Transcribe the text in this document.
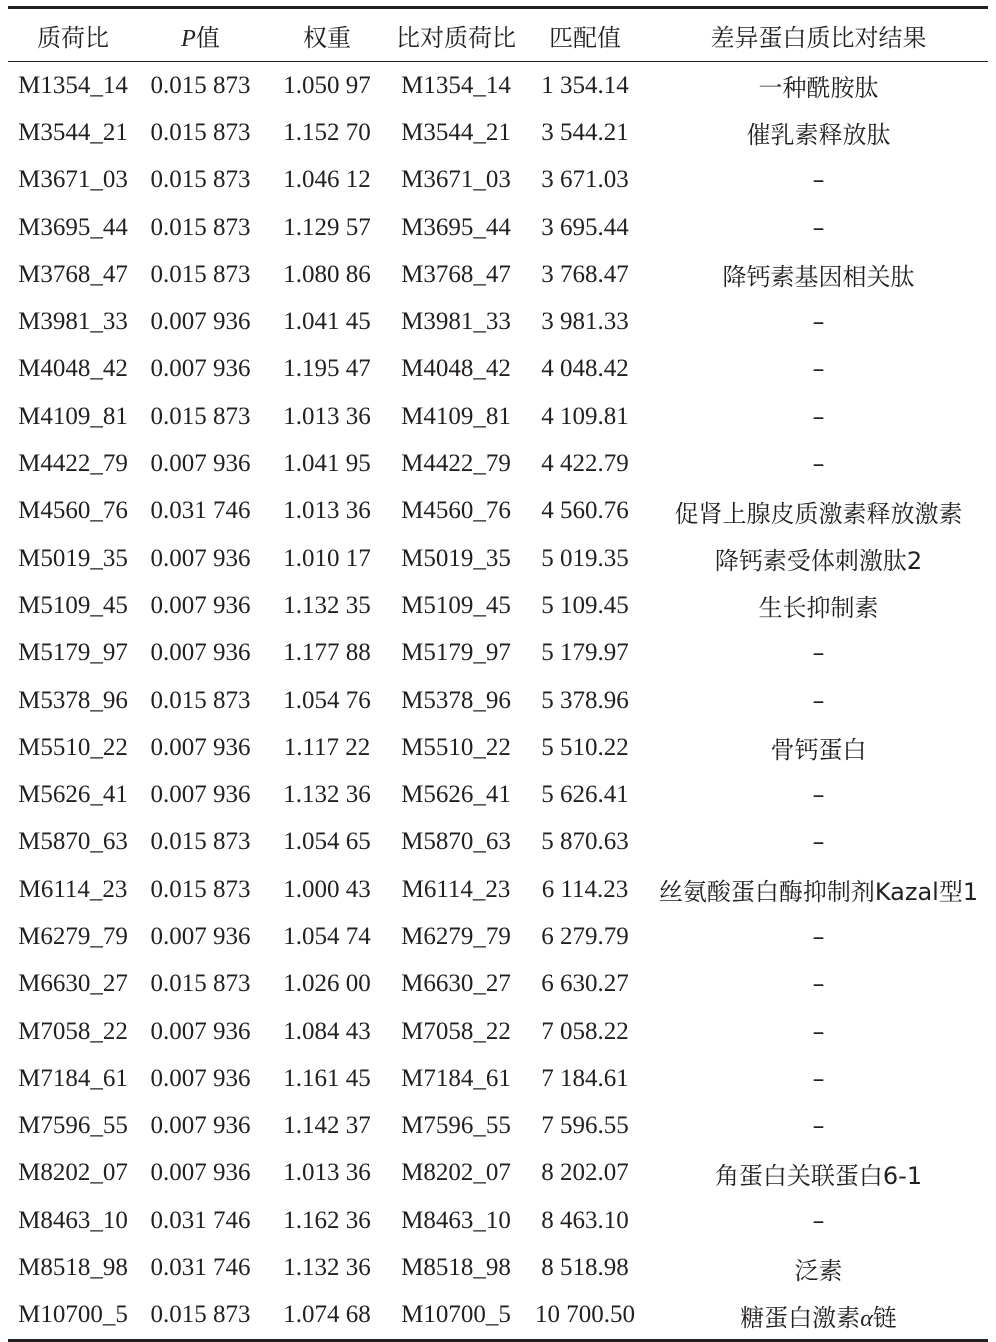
质荷比	P值	权重	比对质荷比	匹配值	差异蛋白质比对结果

M1354_14	0.015 873	1.050 97	M1354_14	1 354.14	一种酰胺肽
M3544_21	0.015 873	1.152 70	M3544_21	3 544.21	催乳素释放肽
M3671_03	0.015 873	1.046 12	M3671_03	3 671.03	–
M3695_44	0.015 873	1.129 57	M3695_44	3 695.44	–
M3768_47	0.015 873	1.080 86	M3768_47	3 768.47	降钙素基因相关肽
M3981_33	0.007 936	1.041 45	M3981_33	3 981.33	–
M4048_42	0.007 936	1.195 47	M4048_42	4 048.42	–
M4109_81	0.015 873	1.013 36	M4109_81	4 109.81	–
M4422_79	0.007 936	1.041 95	M4422_79	4 422.79	–
M4560_76	0.031 746	1.013 36	M4560_76	4 560.76	促肾上腺皮质激素释放激素
M5019_35	0.007 936	1.010 17	M5019_35	5 019.35	降钙素受体刺激肽2
M5109_45	0.007 936	1.132 35	M5109_45	5 109.45	生长抑制素
M5179_97	0.007 936	1.177 88	M5179_97	5 179.97	–
M5378_96	0.015 873	1.054 76	M5378_96	5 378.96	–
M5510_22	0.007 936	1.117 22	M5510_22	5 510.22	骨钙蛋白
M5626_41	0.007 936	1.132 36	M5626_41	5 626.41	–
M5870_63	0.015 873	1.054 65	M5870_63	5 870.63	–
M6114_23	0.015 873	1.000 43	M6114_23	6 114.23	丝氨酸蛋白酶抑制剂Kazal型1
M6279_79	0.007 936	1.054 74	M6279_79	6 279.79	–
M6630_27	0.015 873	1.026 00	M6630_27	6 630.27	–
M7058_22	0.007 936	1.084 43	M7058_22	7 058.22	–
M7184_61	0.007 936	1.161 45	M7184_61	7 184.61	–
M7596_55	0.007 936	1.142 37	M7596_55	7 596.55	–
M8202_07	0.007 936	1.013 36	M8202_07	8 202.07	角蛋白关联蛋白6-1
M8463_10	0.031 746	1.162 36	M8463_10	8 463.10	–
M8518_98	0.031 746	1.132 36	M8518_98	8 518.98	泛素
M10700_5	0.015 873	1.074 68	M10700_5	10 700.50	糖蛋白激素α链
